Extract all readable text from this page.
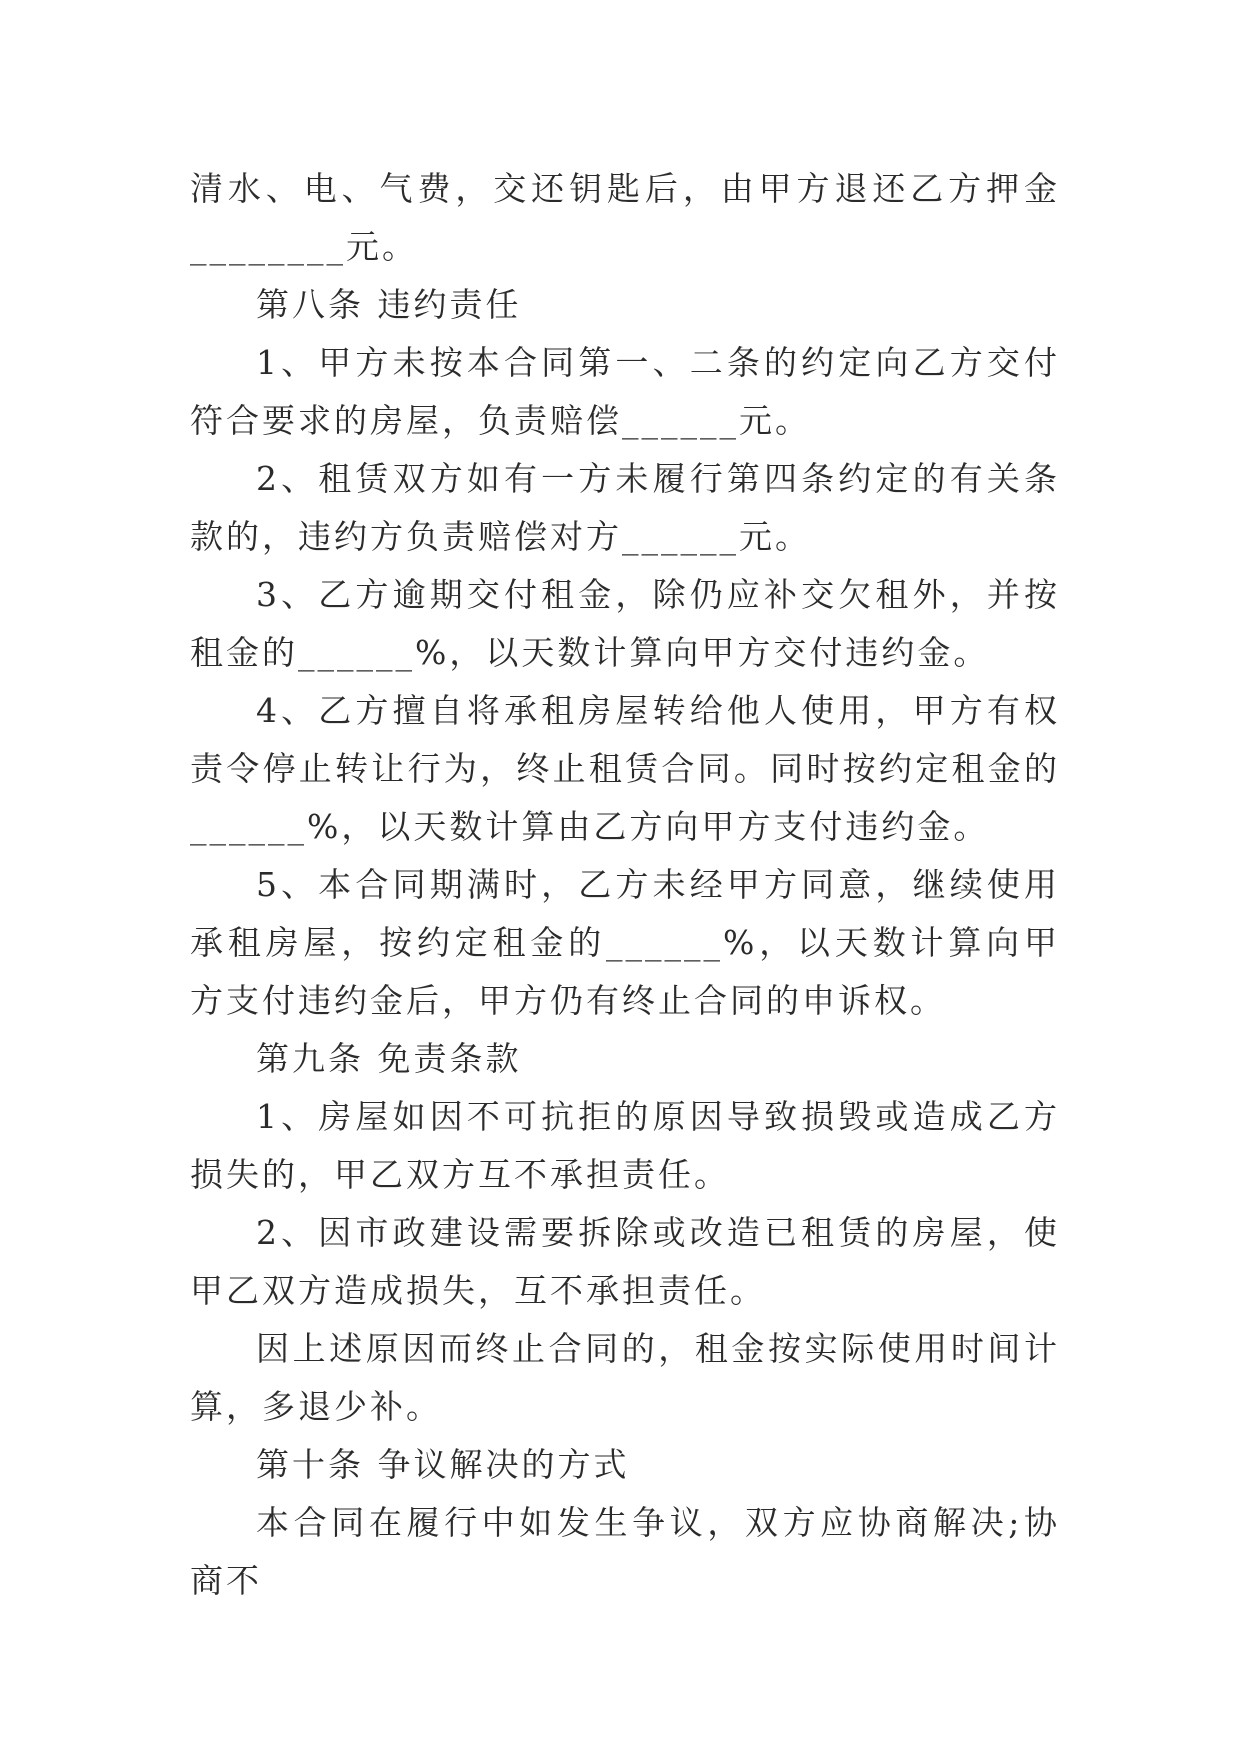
清水、电、气费，交还钥匙后，由甲方退还乙方押金________元。

第八条 违约责任

1、甲方未按本合同第一、二条的约定向乙方交付符合要求的房屋，负责赔偿______元。

2、租赁双方如有一方未履行第四条约定的有关条款的，违约方负责赔偿对方______元。

3、乙方逾期交付租金，除仍应补交欠租外，并按租金的______%，以天数计算向甲方交付违约金。

4、乙方擅自将承租房屋转给他人使用，甲方有权责令停止转让行为，终止租赁合同。同时按约定租金的______%，以天数计算由乙方向甲方支付违约金。

5、本合同期满时，乙方未经甲方同意，继续使用承租房屋，按约定租金的______%，以天数计算向甲方支付违约金后，甲方仍有终止合同的申诉权。

第九条 免责条款

1、房屋如因不可抗拒的原因导致损毁或造成乙方损失的，甲乙双方互不承担责任。

2、因市政建设需要拆除或改造已租赁的房屋，使甲乙双方造成损失，互不承担责任。

因上述原因而终止合同的，租金按实际使用时间计算，多退少补。

第十条 争议解决的方式

本合同在履行中如发生争议，双方应协商解决;协商不
